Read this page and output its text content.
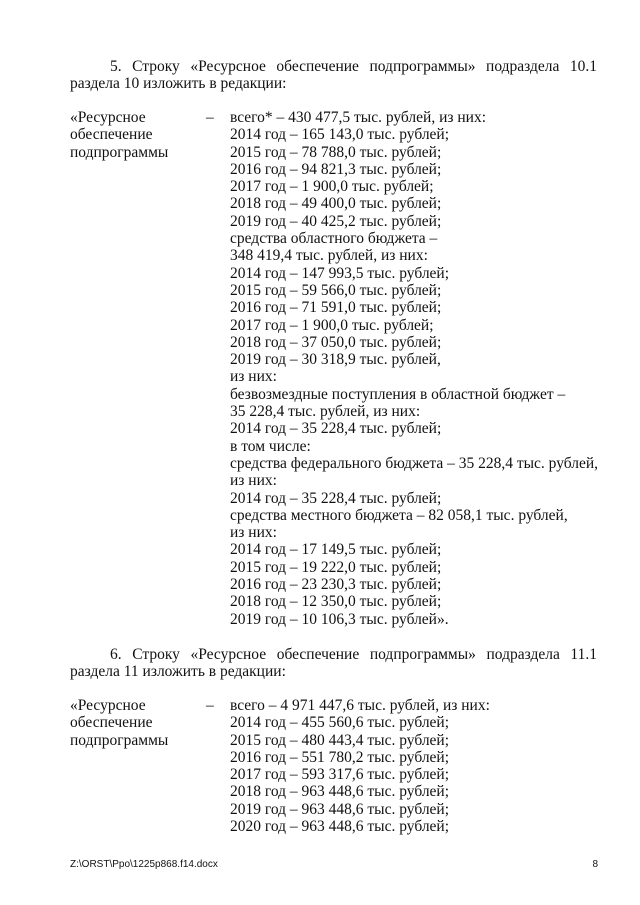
5. Строку «Ресурсное обеспечение подпрограммы» подраздела 10.1
раздела 10 изложить в редакции:
«Ресурсное
обеспечение
подпрограммы
– всего* – 430 477,5 тыс. рублей, из них:
2014 год – 165 143,0 тыс. рублей;
2015 год – 78 788,0 тыс. рублей;
2016 год – 94 821,3 тыс. рублей;
2017 год – 1 900,0 тыс. рублей;
2018 год – 49 400,0 тыс. рублей;
2019 год – 40 425,2 тыс. рублей;
средства областного бюджета –
348 419,4 тыс. рублей, из них:
2014 год – 147 993,5 тыс. рублей;
2015 год – 59 566,0 тыс. рублей;
2016 год – 71 591,0 тыс. рублей;
2017 год – 1 900,0 тыс. рублей;
2018 год – 37 050,0 тыс. рублей;
2019 год – 30 318,9 тыс. рублей,
из них:
безвозмездные поступления в областной бюджет –
35 228,4 тыс. рублей, из них:
2014 год – 35 228,4 тыс. рублей;
в том числе:
средства федерального бюджета – 35 228,4 тыс. рублей,
из них:
2014 год – 35 228,4 тыс. рублей;
средства местного бюджета – 82 058,1 тыс. рублей,
из них:
2014 год – 17 149,5 тыс. рублей;
2015 год – 19 222,0 тыс. рублей;
2016 год – 23 230,3 тыс. рублей;
2018 год – 12 350,0 тыс. рублей;
2019 год – 10 106,3 тыс. рублей».
6. Строку «Ресурсное обеспечение подпрограммы» подраздела 11.1
раздела 11 изложить в редакции:
«Ресурсное
обеспечение
подпрограммы
– всего – 4 971 447,6 тыс. рублей, из них:
2014 год – 455 560,6 тыс. рублей;
2015 год – 480 443,4 тыс. рублей;
2016 год – 551 780,2 тыс. рублей;
2017 год – 593 317,6 тыс. рублей;
2018 год – 963 448,6 тыс. рублей;
2019 год – 963 448,6 тыс. рублей;
2020 год – 963 448,6 тыс. рублей;
Z:\ORST\Ppo\1225p868.f14.docx	8
